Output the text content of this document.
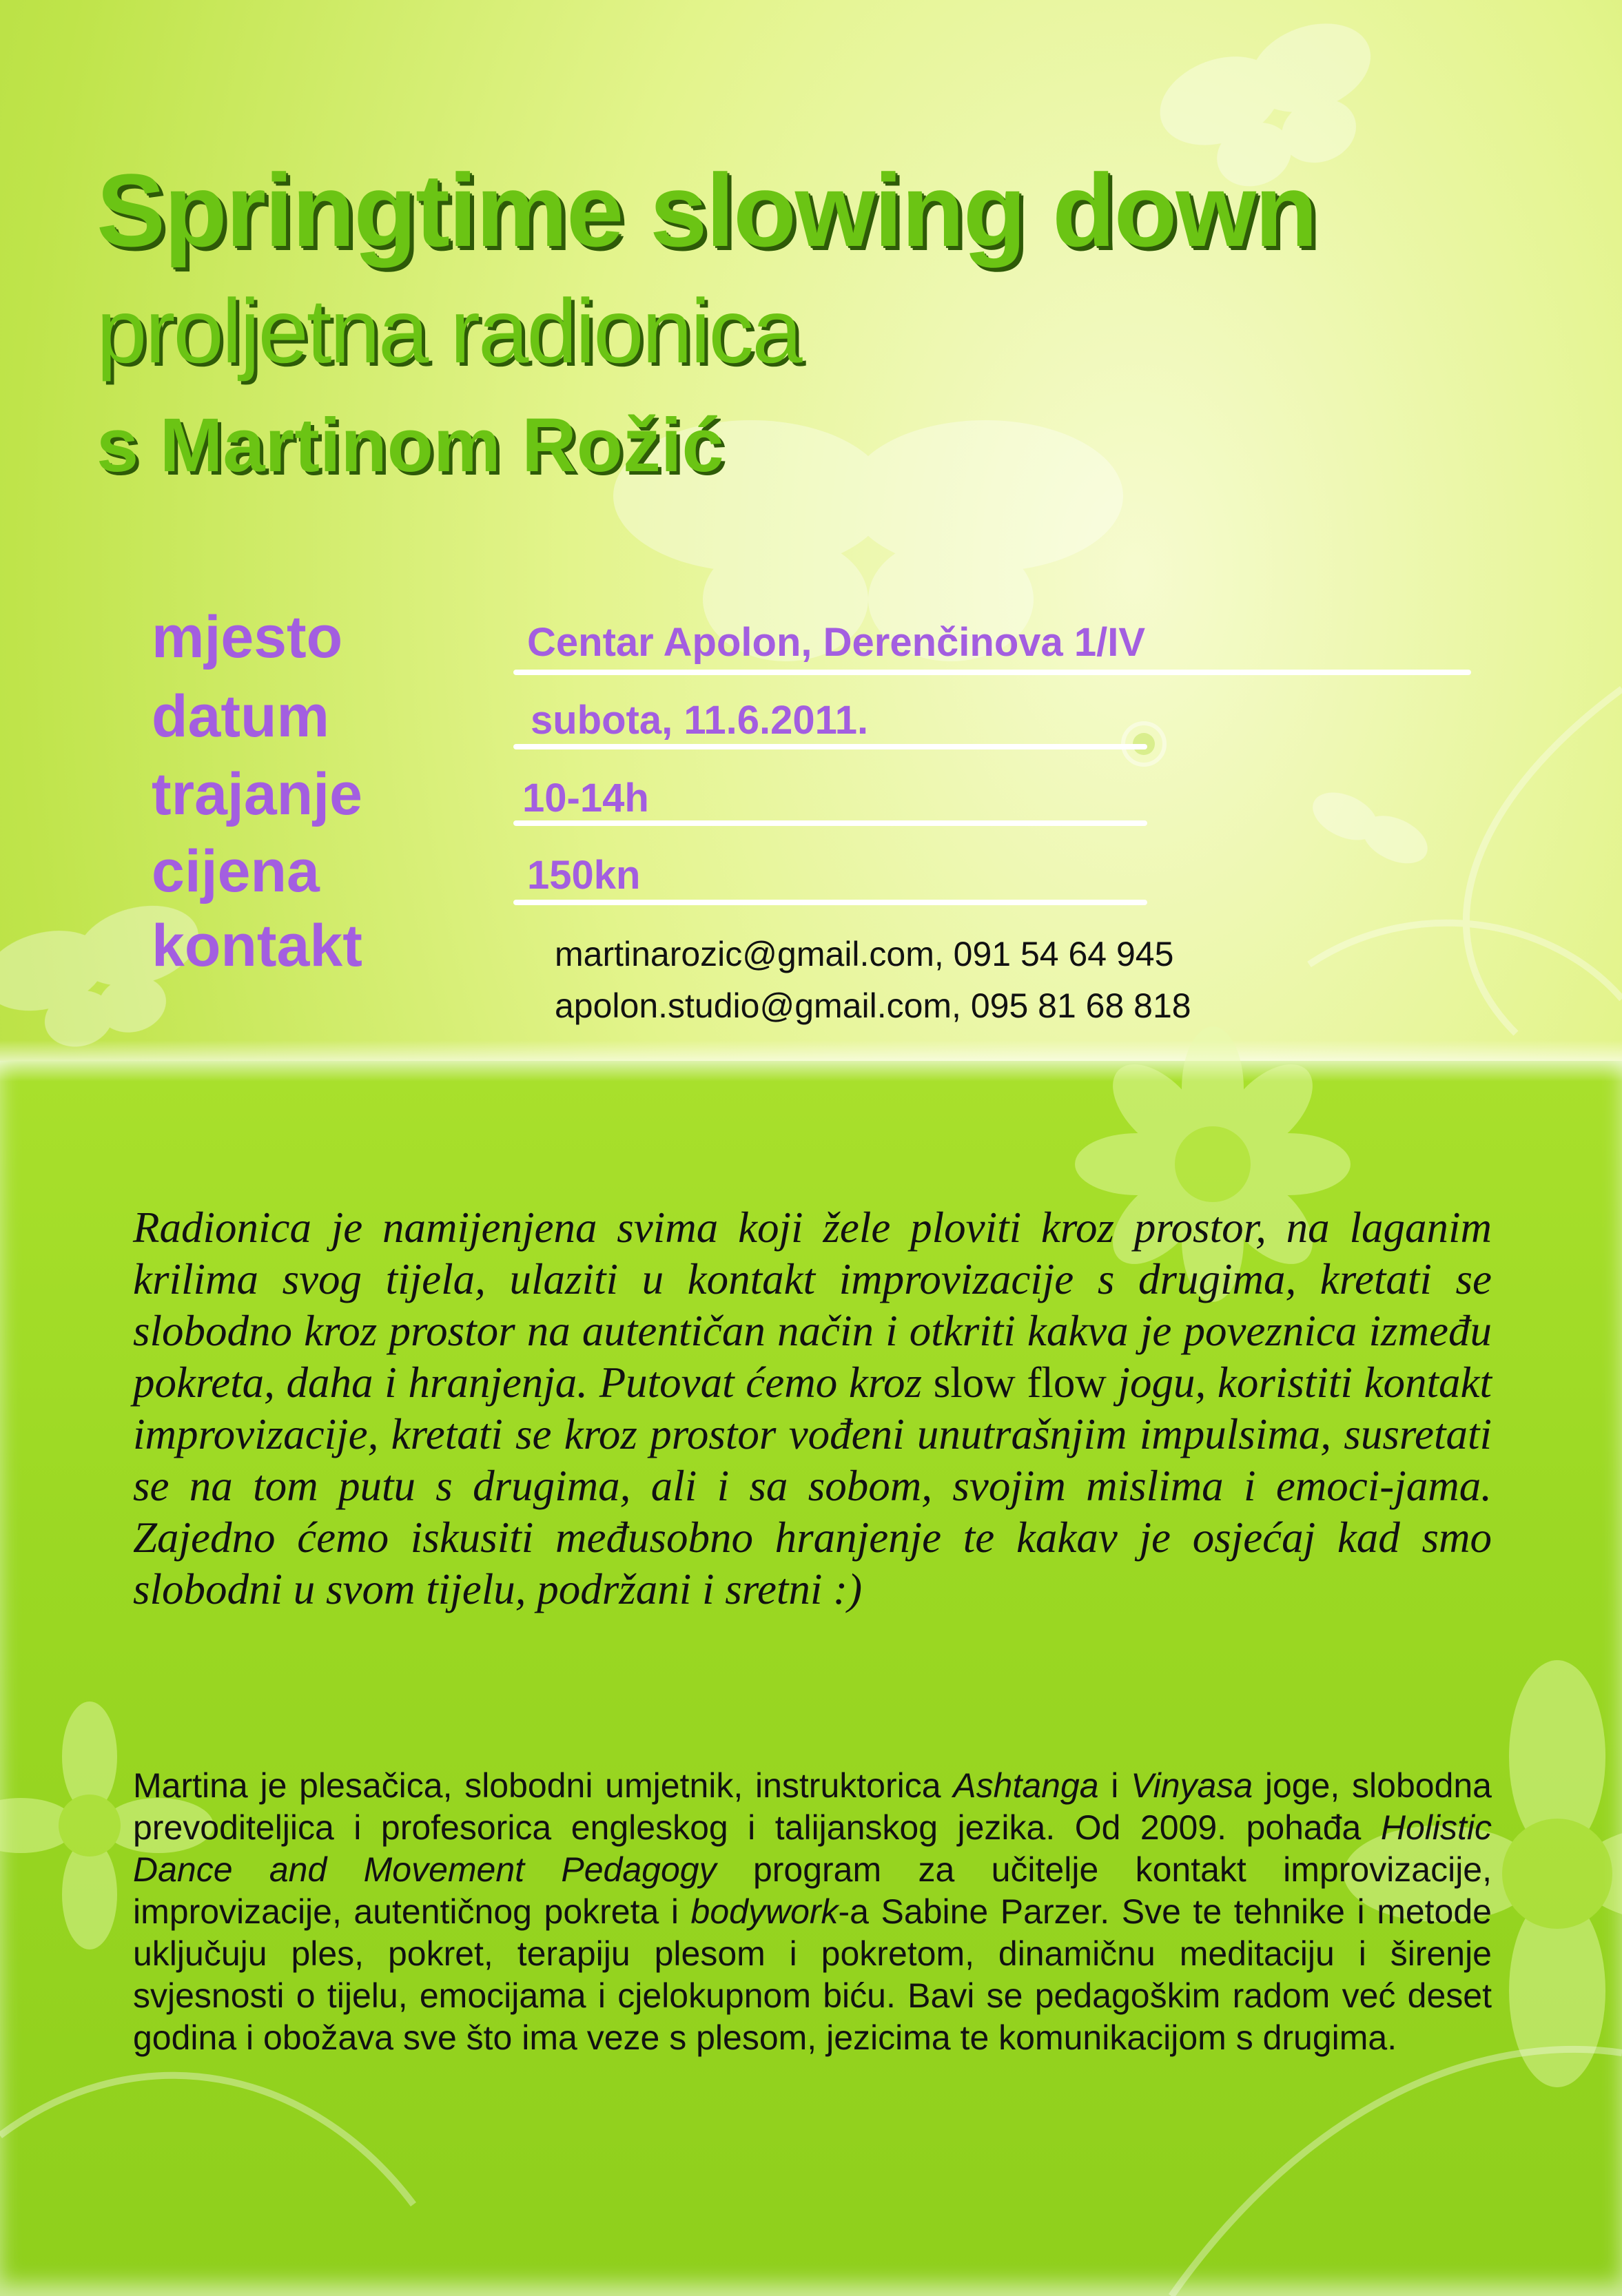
Springtime slowing down
proljetna radionica
s Martinom Rožić
mjesto	Centar Apolon, Derenčinova 1/IV
datum	subota, 11.6.2011.
trajanje	10-14h
cijena	150kn
kontakt	martinarozic@gmail.com, 091 54 64 945
apolon.studio@gmail.com, 095 81 68 818
Radionica je namijenjena svima koji žele ploviti kroz prostor, na laganim krilima svog tijela, ulaziti u kontakt improvizacije s drugima, kretati se slobodno kroz prostor na autentičan način i otkriti kakva je poveznica između pokreta, daha i hranjenja. Putovat ćemo kroz slow flow jogu, koristiti kontakt improvizacije, kretati se kroz prostor vođeni unutrašnjim impulsima, susretati se na tom putu s drugima, ali i sa sobom, svojim mislima i emoci-jama. Zajedno ćemo iskusiti međusobno hranjenje te kakav je osjećaj kad smo slobodni u svom tijelu, podržani i sretni :)
Martina je plesačica, slobodni umjetnik, instruktorica Ashtanga i Vinyasa joge, slobodna prevoditeljica i profesorica engleskog i talijanskog jezika. Od 2009. pohađa Holistic Dance and Movement Pedagogy program za učitelje kontakt improvizacije, improvizacije, autentičnog pokreta i bodywork-a Sabine Parzer. Sve te tehnike i metode uključuju ples, pokret, terapiju plesom i pokretom, dinamičnu meditaciju i širenje svjesnosti o tijelu, emocijama i cjelokupnom biću. Bavi se pedagoškim radom već deset godina i obožava sve što ima veze s plesom, jezicima te komunikacijom s drugima.
